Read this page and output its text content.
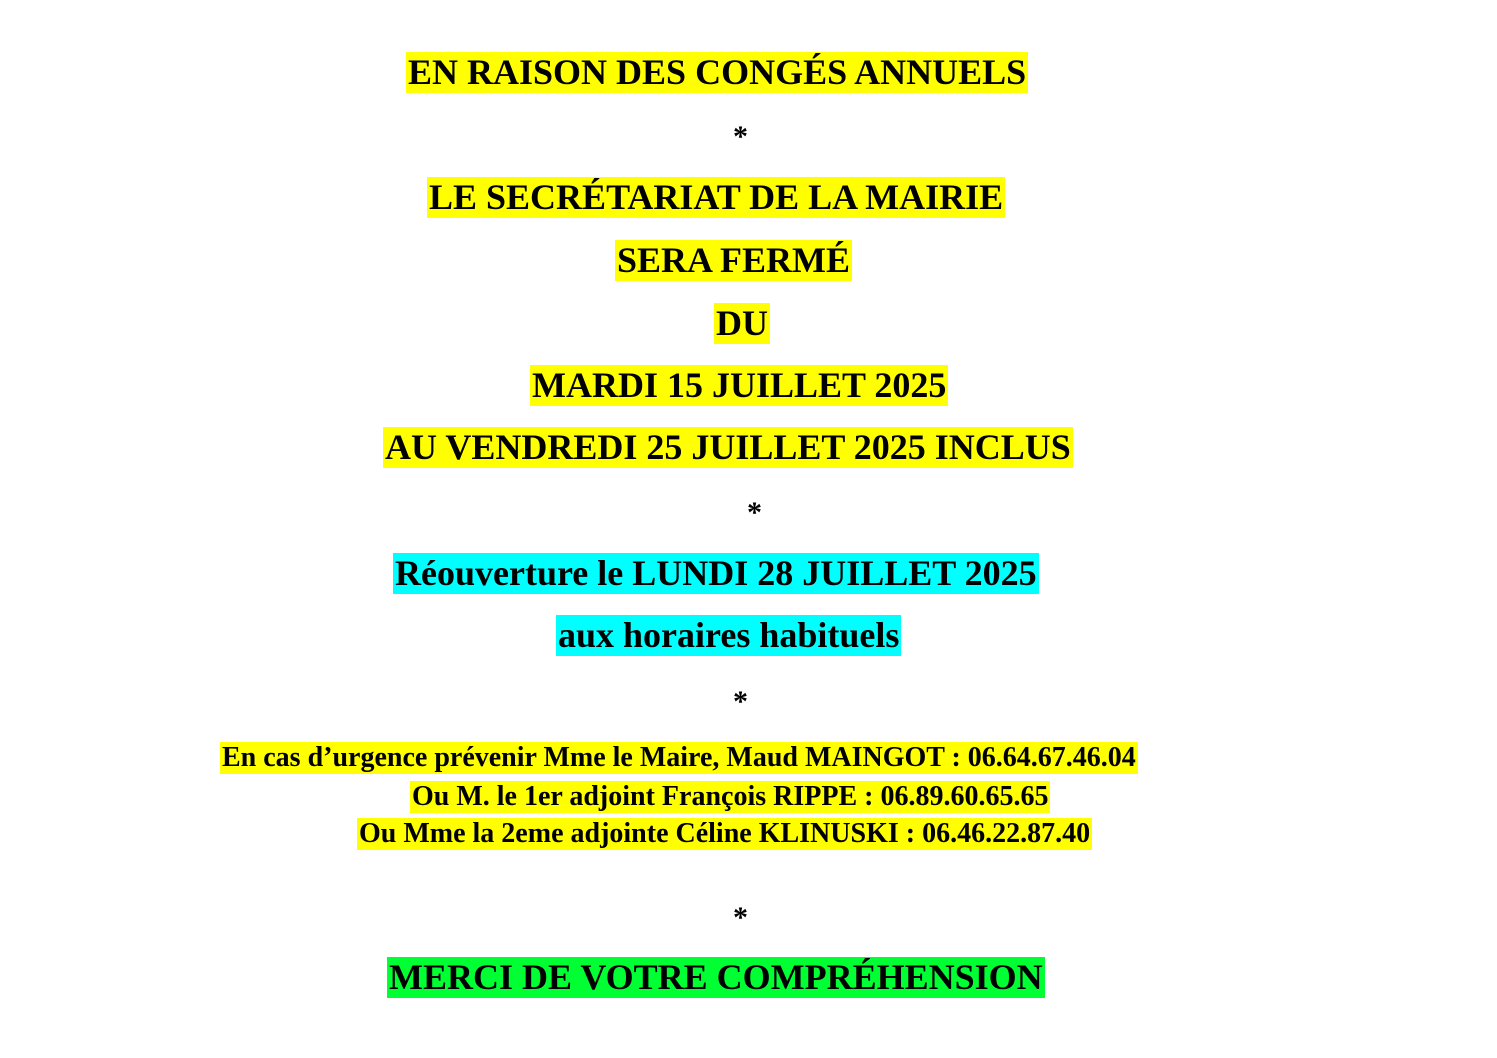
EN RAISON DES CONGÉS ANNUELS
*
LE SECRÉTARIAT DE LA MAIRIE
SERA FERMÉ
DU
MARDI 15 JUILLET 2025
AU VENDREDI 25 JUILLET 2025 INCLUS
*
Réouverture le LUNDI 28 JUILLET 2025
aux horaires habituels
*
En cas d’urgence prévenir Mme le Maire, Maud MAINGOT : 06.64.67.46.04
Ou M. le 1er adjoint François RIPPE : 06.89.60.65.65
Ou Mme la 2eme adjointe Céline KLINUSKI : 06.46.22.87.40
*
MERCI DE VOTRE COMPRÉHENSION
